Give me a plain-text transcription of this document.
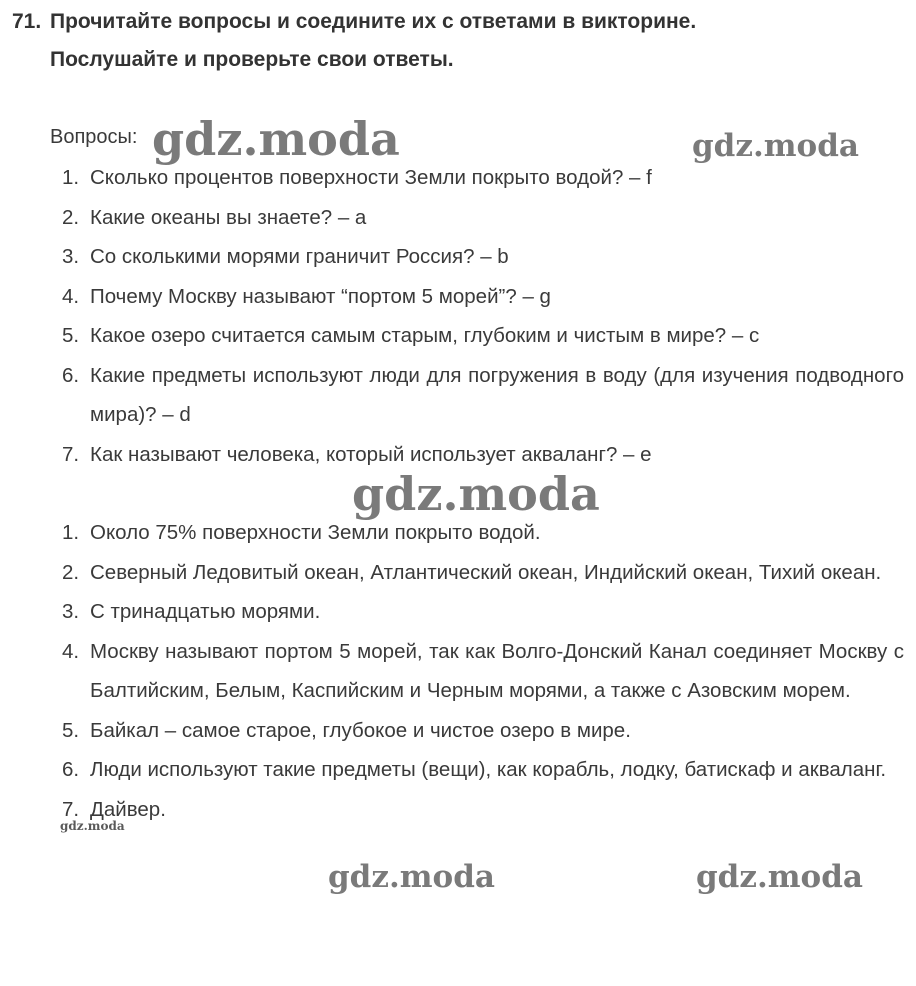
71. Прочитайте вопросы и соедините их с ответами в викторине.
Послушайте и проверьте свои ответы.
Вопросы:
1. Сколько процентов поверхности Земли покрыто водой? – f
2. Какие океаны вы знаете? – a
3. Со сколькими морями граничит Россия? – b
4. Почему Москву называют “портом 5 морей”? – g
5. Какое озеро считается самым старым, глубоким и чистым в мире? – c
6. Какие предметы используют люди для погружения в воду (для изучения подводного мира)? – d
7. Как называют человека, который использует акваланг? – e
1. Около 75% поверхности Земли покрыто водой.
2. Северный Ледовитый океан, Атлантический океан, Индийский океан, Тихий океан.
3. С тринадцатью морями.
4. Москву называют портом 5 морей, так как Волго-Донский Канал соединяет Москву с Балтийским, Белым, Каспийским и Черным морями, а также с Азовским морем.
5. Байкал – самое старое, глубокое и чистое озеро в мире.
6. Люди используют такие предметы (вещи), как корабль, лодку, батискаф и акваланг.
7. Дайвер.
gdz.moda	gdz.moda
gdz.moda
gdz.moda
gdz.moda	gdz.moda
